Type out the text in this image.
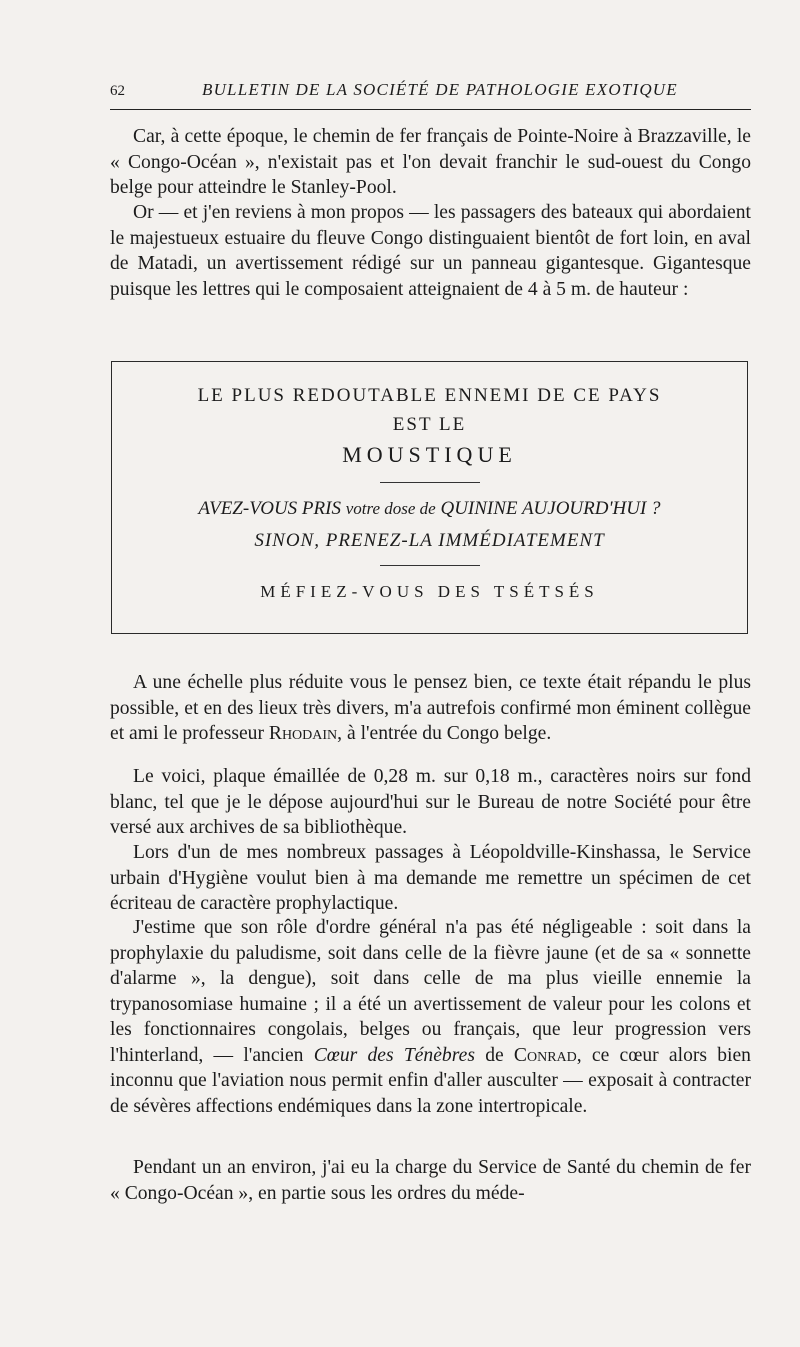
62	BULLETIN DE LA SOCIÉTÉ DE PATHOLOGIE EXOTIQUE

Car, à cette époque, le chemin de fer français de Pointe-Noire à Brazzaville, le « Congo-Océan », n'existait pas et l'on devait franchir le sud-ouest du Congo belge pour atteindre le Stanley-Pool.

Or — et j'en reviens à mon propos — les passagers des bateaux qui abordaient le majestueux estuaire du fleuve Congo distinguaient bientôt de fort loin, en aval de Matadi, un avertissement rédigé sur un panneau gigantesque. Gigantesque puisque les lettres qui le composaient atteignaient de 4 à 5 m. de hauteur :

LE PLUS REDOUTABLE ENNEMI DE CE PAYS
EST LE
MOUSTIQUE
AVEZ-VOUS PRIS votre dose de QUININE AUJOURD'HUI ?
SINON, PRENEZ-LA IMMÉDIATEMENT
MÉFIEZ-VOUS DES TSÉTSÉS

A une échelle plus réduite vous le pensez bien, ce texte était répandu le plus possible, et en des lieux très divers, m'a autrefois confirmé mon éminent collègue et ami le professeur Rhodain, à l'entrée du Congo belge.

Le voici, plaque émaillée de 0,28 m. sur 0,18 m., caractères noirs sur fond blanc, tel que je le dépose aujourd'hui sur le Bureau de notre Société pour être versé aux archives de sa bibliothèque.

Lors d'un de mes nombreux passages à Léopoldville-Kinshassa, le Service urbain d'Hygiène voulut bien à ma demande me remettre un spécimen de cet écriteau de caractère prophylactique.

J'estime que son rôle d'ordre général n'a pas été négligeable : soit dans la prophylaxie du paludisme, soit dans celle de la fièvre jaune (et de sa « sonnette d'alarme », la dengue), soit dans celle de ma plus vieille ennemie la trypanosomiase humaine ; il a été un avertissement de valeur pour les colons et les fonctionnaires congolais, belges ou français, que leur progression vers l'hinterland, — l'ancien Cœur des Ténèbres de Conrad, ce cœur alors bien inconnu que l'aviation nous permit enfin d'aller ausculter — exposait à contracter de sévères affections endémiques dans la zone intertropicale.

Pendant un an environ, j'ai eu la charge du Service de Santé du chemin de fer « Congo-Océan », en partie sous les ordres du méde-
